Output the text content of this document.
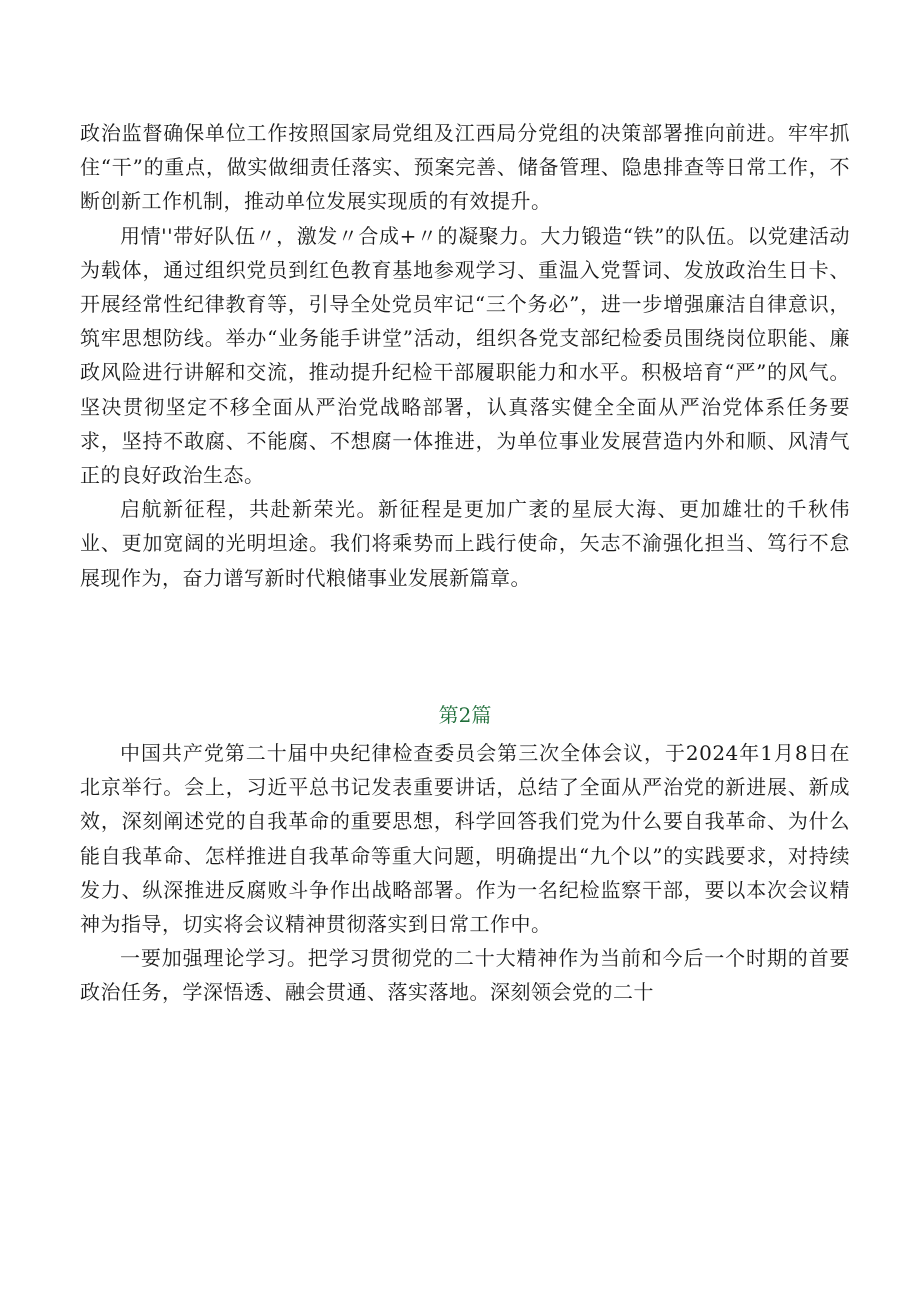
政治监督确保单位工作按照国家局党组及江西局分党组的决策部署推向前进。牢牢抓住“干”的重点，做实做细责任落实、预案完善、储备管理、隐患排查等日常工作，不断创新工作机制，推动单位发展实现质的有效提升。

用情''带好队伍〃，激发〃合成+〃的凝聚力。大力锻造“铁”的队伍。以党建活动为载体，通过组织党员到红色教育基地参观学习、重温入党誓词、发放政治生日卡、开展经常性纪律教育等，引导全处党员牢记“三个务必”，进一步增强廉洁自律意识，筑牢思想防线。举办“业务能手讲堂”活动，组织各党支部纪检委员围绕岗位职能、廉政风险进行讲解和交流，推动提升纪检干部履职能力和水平。积极培育“严”的风气。坚决贯彻坚定不移全面从严治党战略部署，认真落实健全全面从严治党体系任务要求，坚持不敢腐、不能腐、不想腐一体推进，为单位事业发展营造内外和顺、风清气正的良好政治生态。

启航新征程，共赴新荣光。新征程是更加广袤的星辰大海、更加雄壮的千秋伟业、更加宽阔的光明坦途。我们将乘势而上践行使命，矢志不渝强化担当、笃行不怠展现作为，奋力谱写新时代粮储事业发展新篇章。

第2篇

中国共产党第二十届中央纪律检查委员会第三次全体会议，于2024年1月8日在北京举行。会上，习近平总书记发表重要讲话，总结了全面从严治党的新进展、新成效，深刻阐述党的自我革命的重要思想，科学回答我们党为什么要自我革命、为什么能自我革命、怎样推进自我革命等重大问题，明确提出“九个以”的实践要求，对持续发力、纵深推进反腐败斗争作出战略部署。作为一名纪检监察干部，要以本次会议精神为指导，切实将会议精神贯彻落实到日常工作中。

一要加强理论学习。把学习贯彻党的二十大精神作为当前和今后一个时期的首要政治任务，学深悟透、融会贯通、落实落地。深刻领会党的二十
